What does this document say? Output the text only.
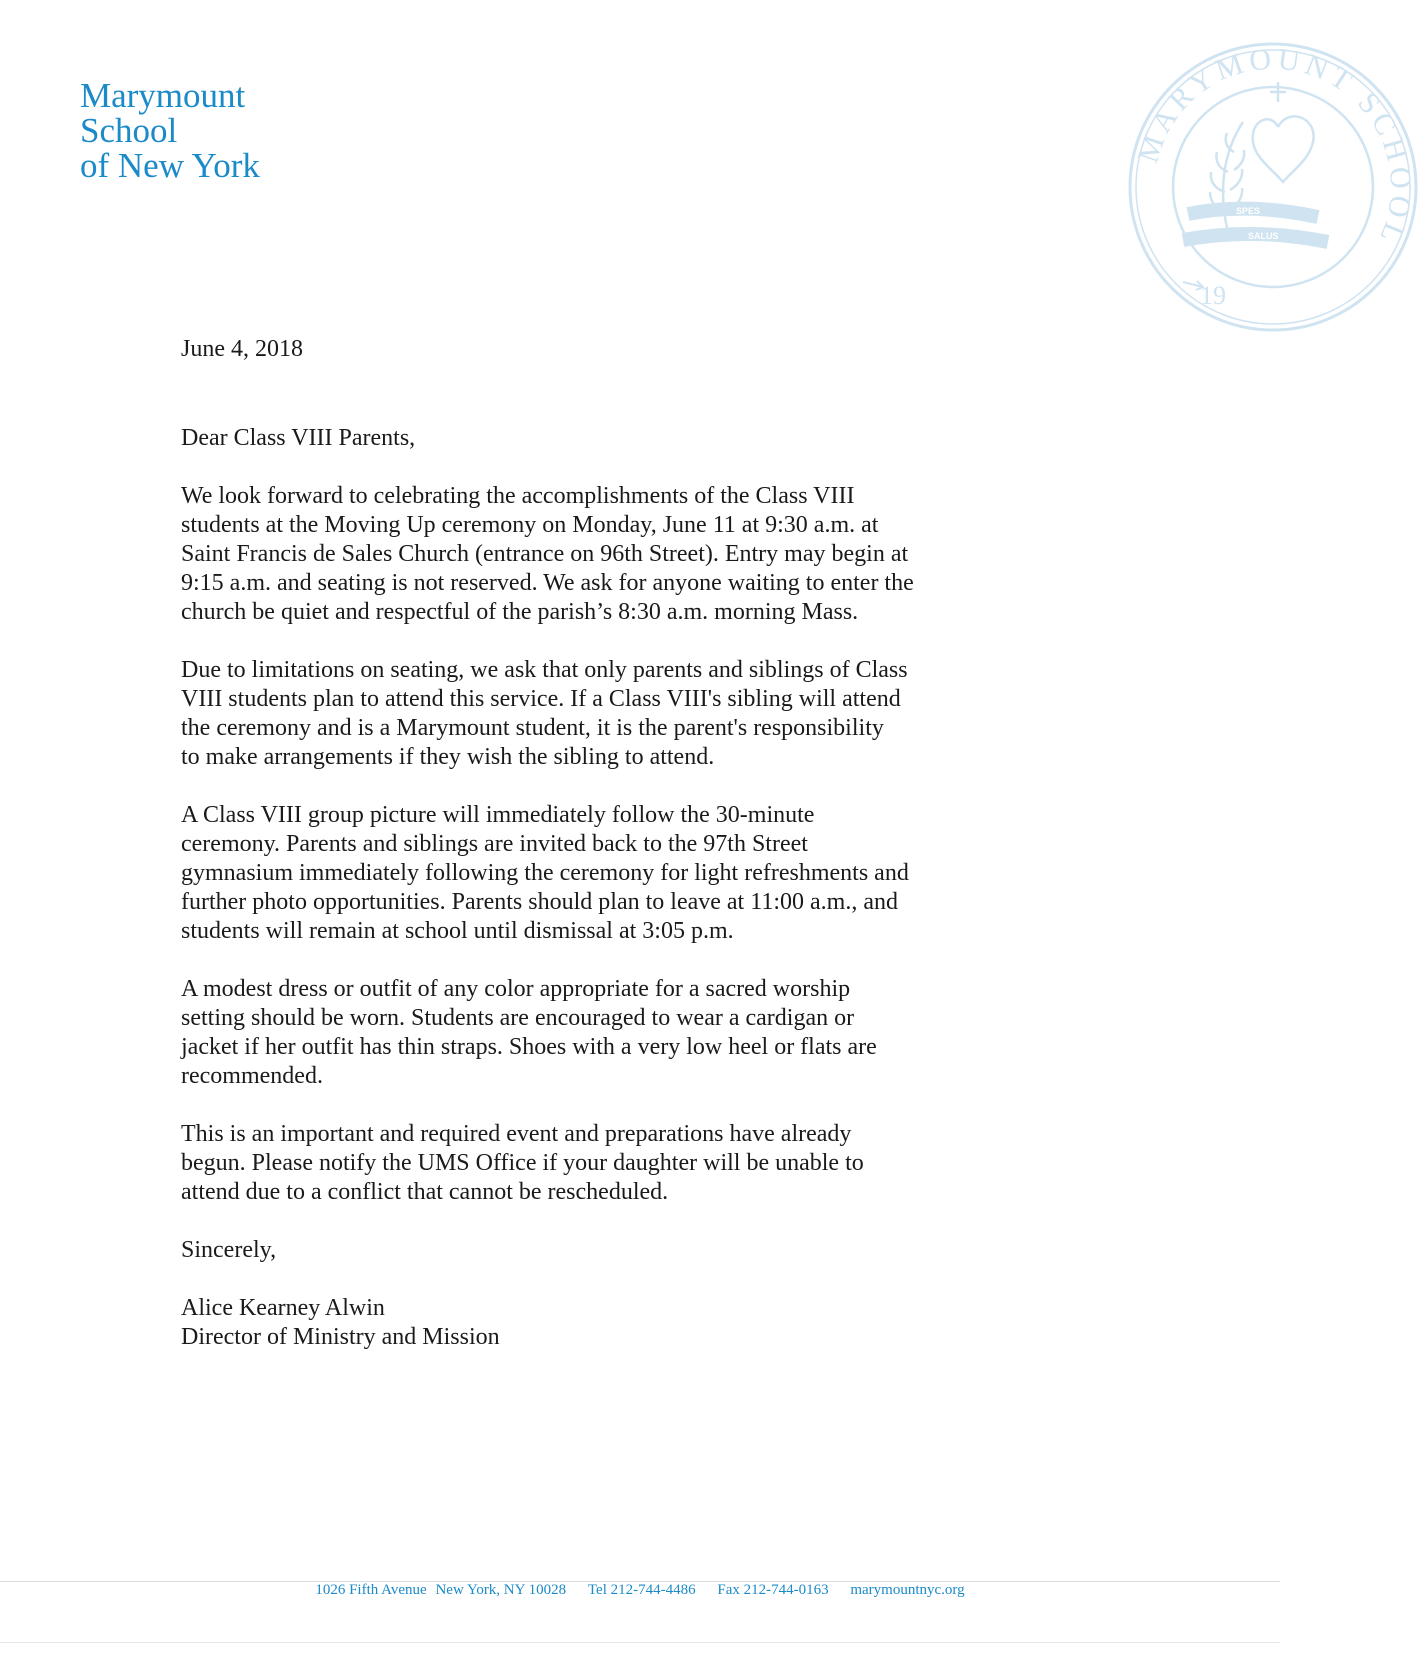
Marymount
School
of New York	MARYMOUNT SCHOOL
19
SPES
SALUS

June 4, 2018

Dear Class VIII Parents,

We look forward to celebrating the accomplishments of the Class VIII
students at the Moving Up ceremony on Monday, June 11 at 9:30 a.m. at
Saint Francis de Sales Church (entrance on 96th Street). Entry may begin at
9:15 a.m. and seating is not reserved. We ask for anyone waiting to enter the
church be quiet and respectful of the parish’s 8:30 a.m. morning Mass.

Due to limitations on seating, we ask that only parents and siblings of Class
VIII students plan to attend this service. If a Class VIII's sibling will attend
the ceremony and is a Marymount student, it is the parent's responsibility
to make arrangements if they wish the sibling to attend.

A Class VIII group picture will immediately follow the 30-minute
ceremony. Parents and siblings are invited back to the 97th Street
gymnasium immediately following the ceremony for light refreshments and
further photo opportunities. Parents should plan to leave at 11:00 a.m., and
students will remain at school until dismissal at 3:05 p.m.

A modest dress or outfit of any color appropriate for a sacred worship
setting should be worn. Students are encouraged to wear a cardigan or
jacket if her outfit has thin straps. Shoes with a very low heel or flats are
recommended.

This is an important and required event and preparations have already
begun. Please notify the UMS Office if your daughter will be unable to
attend due to a conflict that cannot be rescheduled.

Sincerely,

Alice Kearney Alwin
Director of Ministry and Mission

1026 Fifth Avenue New York, NY 10028 Tel 212-744-4486 Fax 212-744-0163 marymountnyc.org
